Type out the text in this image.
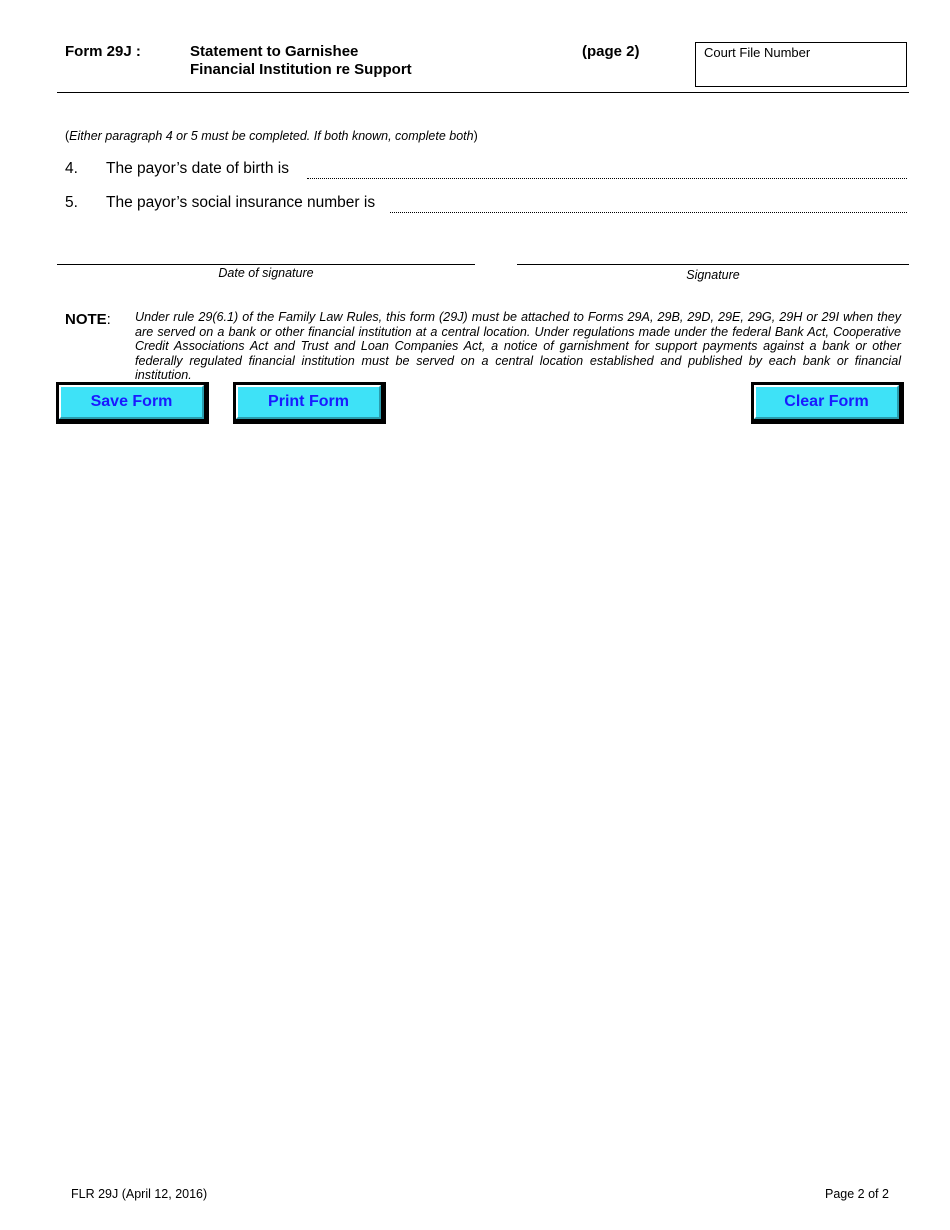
Form 29J :	Statement to Garnishee
Financial Institution re Support
(page 2)	Court File Number
(Either paragraph 4 or 5 must be completed. If both known, complete both)
4. The payor’s date of birth is
5. The payor’s social insurance number is
Date of signature	Signature
NOTE: Under rule 29(6.1) of the Family Law Rules, this form (29J) must be attached to Forms 29A, 29B, 29D, 29E, 29G, 29H or 29I when they are served on a bank or other financial institution at a central location. Under regulations made under the federal Bank Act, Cooperative Credit Associations Act and Trust and Loan Companies Act, a notice of garnishment for support payments against a bank or other federally regulated financial institution must be served on a central location established and published by each bank or financial institution.
Save Form	Print Form	Clear Form
FLR 29J (April 12, 2016)	Page 2 of 2
